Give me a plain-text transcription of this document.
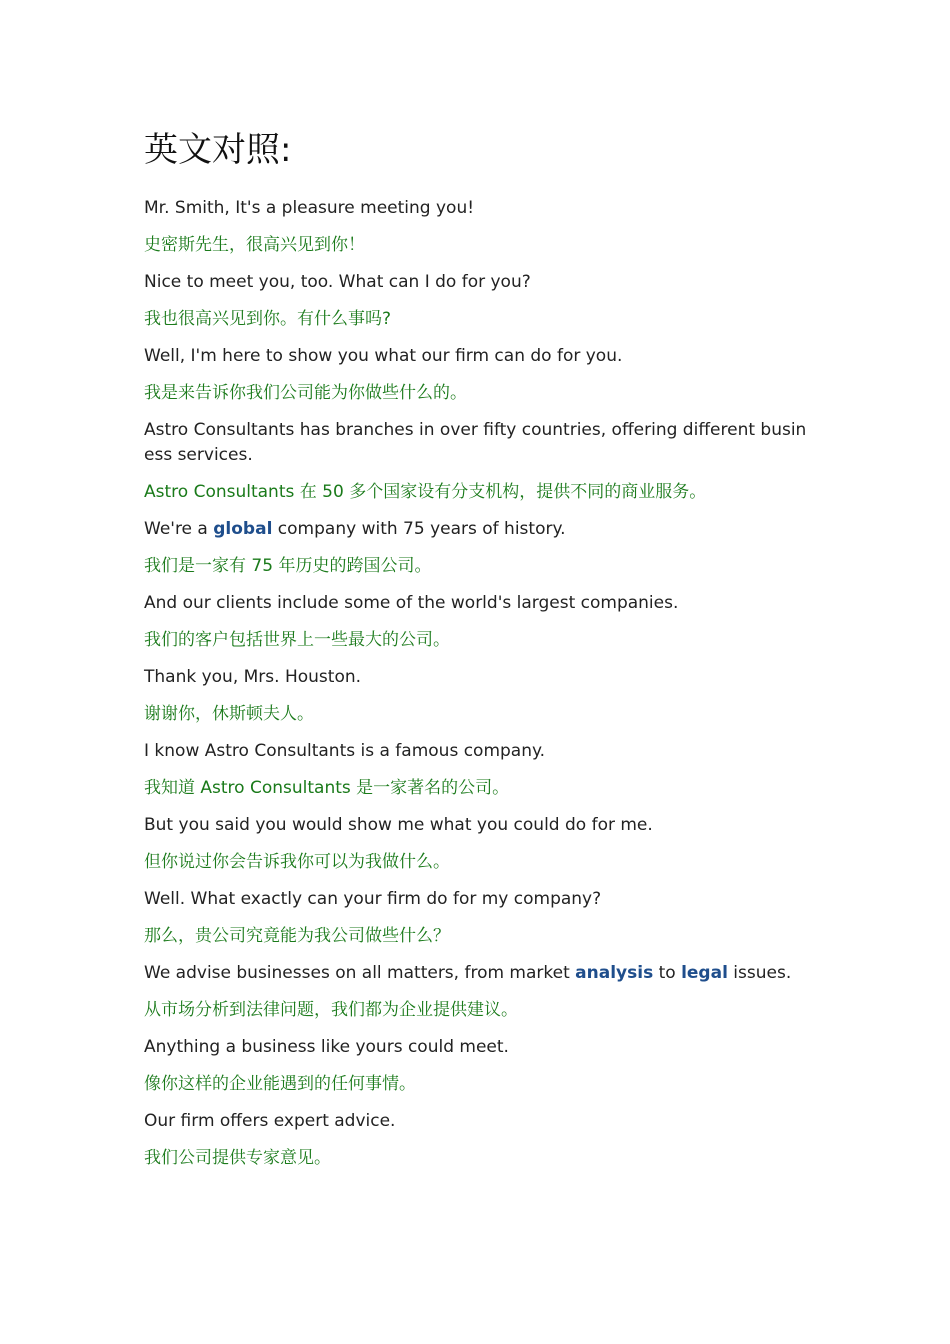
英文对照:

Mr. Smith, It's a pleasure meeting you!

史密斯先生，很高兴见到你！

Nice to meet you, too. What can I do for you?

我也很高兴见到你。有什么事吗?

Well, I'm here to show you what our firm can do for you.

我是来告诉你我们公司能为你做些什么的。

Astro Consultants has branches in over fifty countries, offering different business services.

Astro Consultants 在 50 多个国家设有分支机构，提供不同的商业服务。

We're a global company with 75 years of history.

我们是一家有 75 年历史的跨国公司。

And our clients include some of the world's largest companies.

我们的客户包括世界上一些最大的公司。

Thank you, Mrs. Houston.

谢谢你，休斯顿夫人。

I know Astro Consultants is a famous company.

我知道 Astro Consultants 是一家著名的公司。

But you said you would show me what you could do for me.

但你说过你会告诉我你可以为我做什么。

Well. What exactly can your firm do for my company?

那么，贵公司究竟能为我公司做些什么？

We advise businesses on all matters, from market analysis to legal issues.

从市场分析到法律问题，我们都为企业提供建议。

Anything a business like yours could meet.

像你这样的企业能遇到的任何事情。

Our firm offers expert advice.

我们公司提供专家意见。
